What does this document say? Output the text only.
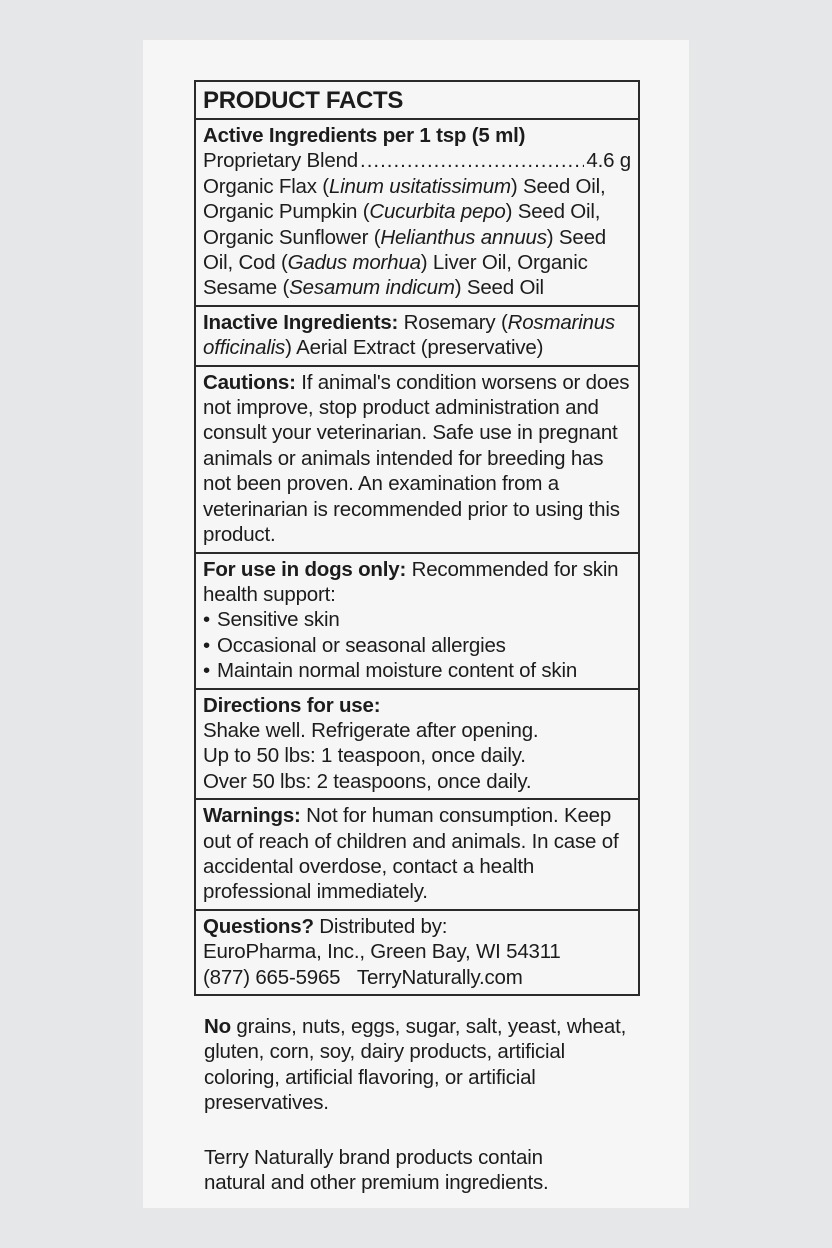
PRODUCT FACTS
Active Ingredients per 1 tsp (5 ml)
Proprietary Blend
.....	4.6 g
Organic Flax (Linum usitatissimum) Seed Oil,
Organic Pumpkin (Cucurbita pepo) Seed Oil,
Organic Sunflower (Helianthus annuus) Seed
Oil, Cod (Gadus morhua) Liver Oil, Organic
Sesame (Sesamum indicum) Seed Oil
Inactive Ingredients: Rosemary (Rosmarinus officinalis) Aerial Extract (preservative)
Cautions: If animal's condition worsens or does not improve, stop product administration and consult your veterinarian. Safe use in pregnant animals or animals intended for breeding has not been proven. An examination from a veterinarian is recommended prior to using this product.
For use in dogs only: Recommended for skin health support:
• Sensitive skin
• Occasional or seasonal allergies
• Maintain normal moisture content of skin
Directions for use:
Shake well. Refrigerate after opening.
Up to 50 lbs: 1 teaspoon, once daily.
Over 50 lbs: 2 teaspoons, once daily.
Warnings: Not for human consumption. Keep out of reach of children and animals. In case of accidental overdose, contact a health professional immediately.
Questions? Distributed by:
EuroPharma, Inc., Green Bay, WI 54311
(877) 665-5965 TerryNaturally.com
No grains, nuts, eggs, sugar, salt, yeast, wheat, gluten, corn, soy, dairy products, artificial coloring, artificial flavoring, or artificial preservatives.
Terry Naturally brand products contain natural and other premium ingredients.
